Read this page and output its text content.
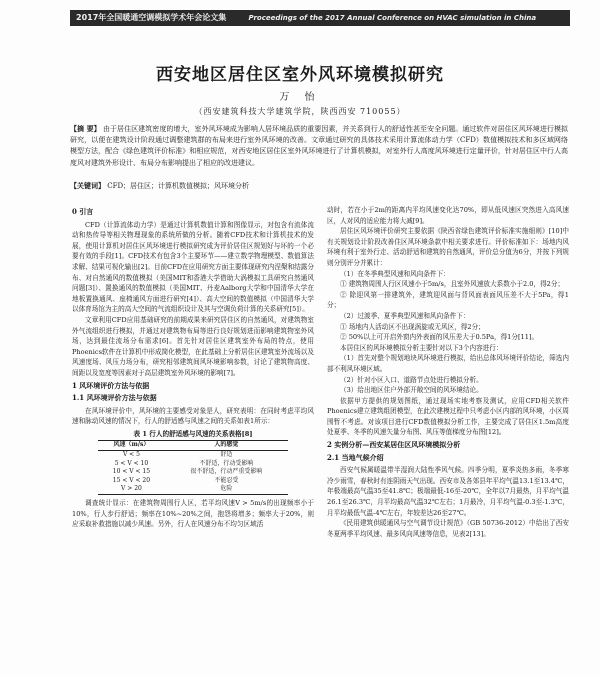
2017年全国暖通空调模拟学术年会论文集	Proceedings of the 2017 Annual Conference on HVAC simulation in China
西安地区居住区室外风环境模拟研究
万 怡
（西安建筑科技大学建筑学院，陕西西安 710055）
【摘 要】 由于居住区建筑密度的增大，室外风环境成为影响人居环境品质的重要因素，并关系到行人的舒适性甚至安全问题。通过软件对居住区风环境进行模拟研究，以便在建筑设计阶段通过调整建筑群的布局来进行室外风环境的改善。文章通过研究的具体技术采用计算流体动力学（CFD）数值模拟技术和多区域网络模型方法，配合《绿色建筑评价标准》和相应规范，对西安地区居住区室外风环境进行了计算机模拟，对室外行人高度风环境进行定量评价，针对居住区中行人高度风对建筑外形设计、布局分布影响提出了相应的改进建议。
【关键词】 CFD；居住区；计算机数值模拟；风环境分析
0 引言

CFD（计算流体动力学）是通过计算机数值计算和图像显示，对包含有流体流动和热传导等相关物理现象的系统所做的分析。随着CFD技术和计算机技术的发展，使用计算机对居住区风环境进行模拟研究成为评价居住区规划好与坏的一个必要有效的手段[1]。CFD技术有包含3个主要环节——建立数学物理模型、数值算法求解、结果可视化输出[2]。目前CFD在应用研究方面主要体现研究内涅槃和结露分布、对自然通风的数值模拟（美国MIT和香港大学借助大涡模拟工具研究自然通风问题[3]）、置换通风的数值模拟（美国MIT、丹麦Aalborg大学和中国清华大学在地板置换通风、座椅通风方面进行研究[4]）、高大空间的数值模拟（中国清华大学以体育场馆为主的高大空间的气流组织设计及其与空调负荷计算的关系研究[5]）。

文章利用CFD应用基础研究的前期成果来研究居住区的自然通风，对建筑物室外气流组织进行模拟，并通过对建筑物布局等进行良好规划进而影响建筑物室外风场，达到最佳流场分布需求[6]。首先针对居住区建筑室外布局的特点，使用Phoenics软件在计算机中形成简化模型，在此基础上分析居住区建筑室外流场以及风速度场、风压力场分布，研究相邻建筑间风环境影响参数，讨论了建筑物高度、间距以及宽度等因素对于高层建筑室外风环境的影响[7]。

1 风环境评价方法与依据
1.1 风环境评价方法与依据

在风环境评价中，风环境的主要感受对象是人，研究表明：在同时考虑平均风速和脉动风速的情况下，行人的舒适感与风速之间的关系如表1所示：

表 1 行人的舒适感与风速的关系表格[8]
风速（m/s）	人的感觉
V < 5	舒适
5 < V < 10	不舒适，行动受影响
10 < V < 15	很不舒适，行动严重受影响
15 < V < 20	不能忍受
V > 20	危险

调查统计显示：在建筑物周围行人区，若平均风速V > 5m/s的出现频率小于10%，行人步行舒适；频率在10%~20%之间，抱怨将增多；频率大于20%，则应采取补救措施以减少风速。另外，行人在风速分布不均匀区域活

动时，若在小于2m的距离内平均风速变化达70%，即从低风速区突然进入高风速区，人对风的适应能力将大减[9]。

居住区风环境评价研究主要依据《陕西省绿色建筑评价标准实施细则》[10]中有关规划设计阶段改善住区风环境条款中相关要求进行。评价标准如下：场地内风环境有利于室外行走、活动舒适和建筑的自然通风，评价总分值为6分，并按下列规则分别评分并累计：

（1）在冬季典型风速和风向条件下：

① 建筑物周围人行区风速小于5m/s，且室外风速放大系数小于2.0，得2分；

② 除迎风第一排建筑外，建筑迎风面与背风面表面风压差不大于5Pa，得1分；

（2）过渡季、夏季典型风速和风向条件下：

① 场地内人活动区不出现涡旋或无风区，得2分；

② 50%以上可开启外窗内外表面的风压差大于0.5Pa，得1分[11]。

本居住区的风环境模拟分析主要针对以下3个内容进行：

（1）首先对整个规划地块风环境进行模拟，给出总体风环境评价结论，筛选内部不利风环境区域。

（2）针对小区入口、道路节点处进行模拟分析。

（3）给出地区住户外部开敞空间的风环境结论。

依据甲方提供的规划图纸，通过现场实地考察及测试，应用CFD相关软件Phoenics建立建筑组团模型，在此次建模过程中只考虑小区内部的风环境，小区周围暂不考虑。对该项目进行CFD数值模拟分析工作，主要完成了居住区1.5m高度处夏季、冬季的风速矢量分布图、风压等值梯度分布图[12]。

2 实例分析—西安某居住区风环境模拟分析
2.1 当地气候介绍

西安气候属暖温带半湿润大陆性季风气候。四季分明，夏季炎热多雨，冬季寒冷少雨雪，春秋时有连阴雨天气出现。西安市及各郊县年平均气温13.1至13.4℃，年极端最高气温35至41.8℃；极端最低-16至-20℃，全年以7月最热，月平均气温26.1至26.3℃，月平均最高气温32℃左右；1月最冷，月平均气温-0.3至-1.3℃，月平均最低气温-4℃左右，年较差达26至27℃。

《民用建筑供暖通风与空气调节设计规范》（GB 50736-2012）中给出了西安冬夏两季平均风速、最多风向风速等信息，见表2[13]。
